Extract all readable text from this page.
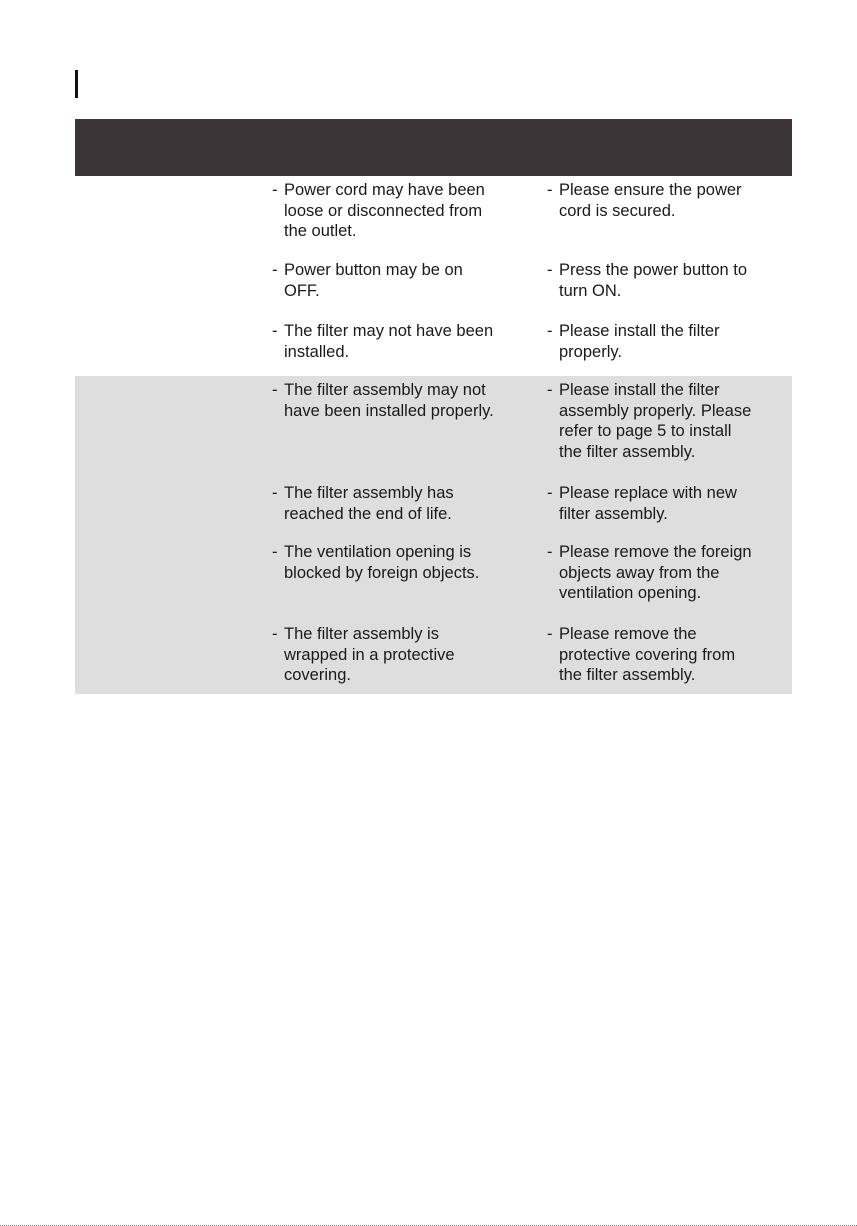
- Power cord may have been
loose or disconnected from
the outlet.
- Please ensure the power
cord is secured.
- Power button may be on
OFF.
- Press the power button to
turn ON.
- The filter may not have been
installed.
- Please install the filter
properly.
- The filter assembly may not
have been installed properly.
- Please install the filter
assembly properly. Please
refer to page 5 to install
the filter assembly.
- The filter assembly has
reached the end of life.
- Please replace with new
filter assembly.
- The ventilation opening is
blocked by foreign objects.
- Please remove the foreign
objects away from the
ventilation opening.
- The filter assembly is
wrapped in a protective
covering.
- Please remove the
protective covering from
the filter assembly.
